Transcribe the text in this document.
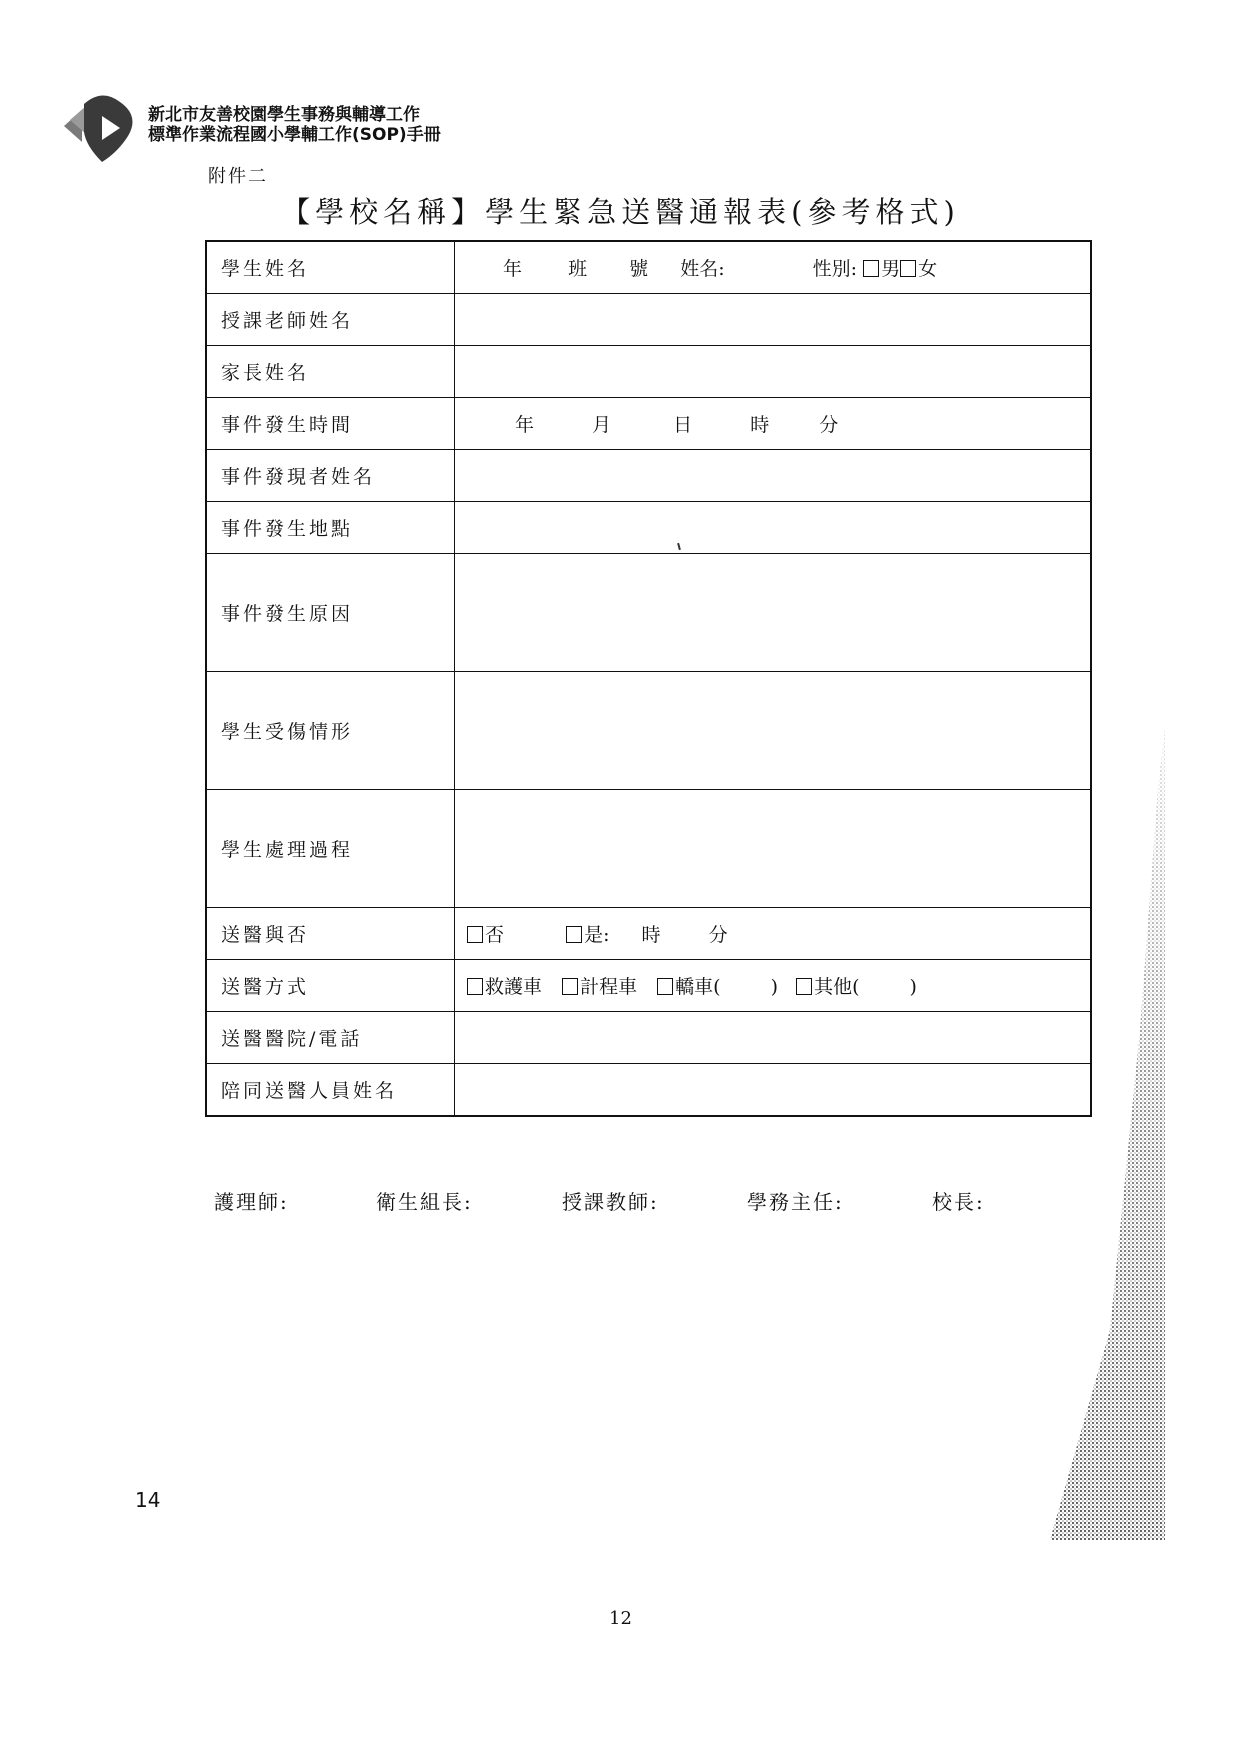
新北市友善校園學生事務與輔導工作
標準作業流程國小學輔工作(SOP)手冊
附件二
【學校名稱】學生緊急送醫通報表(參考格式)
學生姓名	年 班 號 姓名: 性別: 男 女
授課老師姓名	
家長姓名	
事件發生時間	年 月 日 時 分
事件發現者姓名	
事件發生地點	
事件發生原因	
學生受傷情形	
學生處理過程	
送醫與否	否 是: 時 分
送醫方式	救護車 計程車 轎車( ) 其他( )
送醫醫院/電話	
陪同送醫人員姓名	
護理師:	衛生組長:	授課教師:	學務主任:	校長:
14
12
